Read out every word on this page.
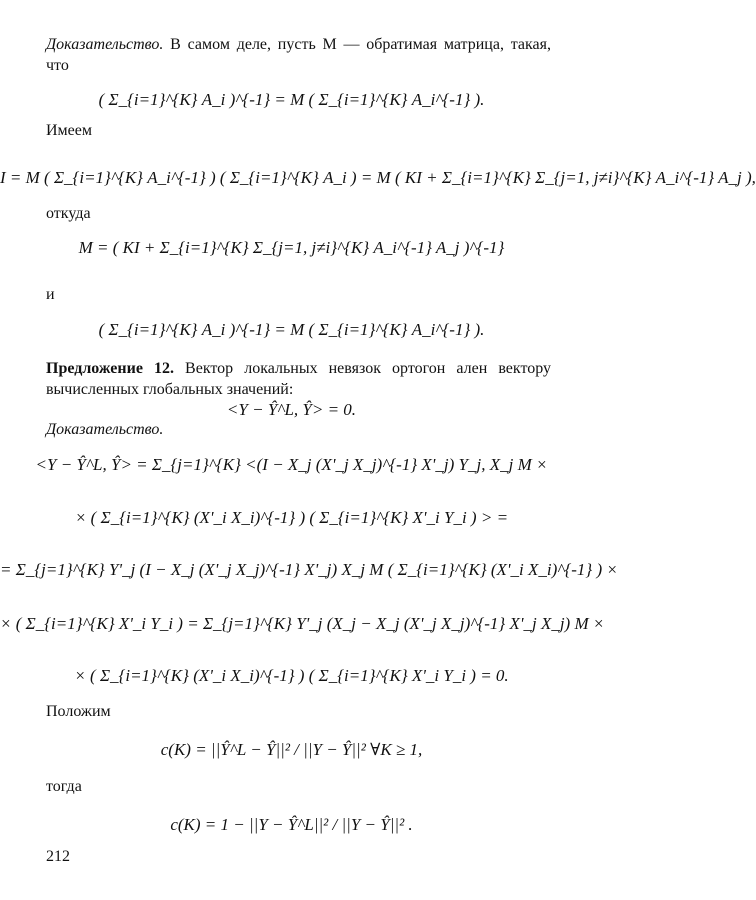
Доказательство. В самом деле, пусть M — обратимая матрица, такая, что
( Σ_{i=1}^{K} A_i )^{-1} = M ( Σ_{i=1}^{K} A_i^{-1} ).
Имеем
I = M ( Σ_{i=1}^{K} A_i^{-1} ) ( Σ_{i=1}^{K} A_i ) = M ( KI + Σ_{i=1}^{K} Σ_{j=1, j≠i}^{K} A_i^{-1} A_j ),
откуда
M = ( KI + Σ_{i=1}^{K} Σ_{j=1, j≠i}^{K} A_i^{-1} A_j )^{-1}
и
( Σ_{i=1}^{K} A_i )^{-1} = M ( Σ_{i=1}^{K} A_i^{-1} ).
Предложение 12. Вектор локальных невязок ортогон ален вектору вычисленных глобальных значений:
<Y − Ŷ^L, Ŷ> = 0.
Доказательство.
<Y − Ŷ^L, Ŷ> = Σ_{j=1}^{K} <(I − X_j (X'_j X_j)^{-1} X'_j) Y_j, X_j M ×
× ( Σ_{i=1}^{K} (X'_i X_i)^{-1} ) ( Σ_{i=1}^{K} X'_i Y_i ) > =
= Σ_{j=1}^{K} Y'_j (I − X_j (X'_j X_j)^{-1} X'_j) X_j M ( Σ_{i=1}^{K} (X'_i X_i)^{-1} ) ×
× ( Σ_{i=1}^{K} X'_i Y_i ) = Σ_{j=1}^{K} Y'_j (X_j − X_j (X'_j X_j)^{-1} X'_j X_j) M ×
× ( Σ_{i=1}^{K} (X'_i X_i)^{-1} ) ( Σ_{i=1}^{K} X'_i Y_i ) = 0.
Положим
c(K) = ||Ŷ^L − Ŷ||² / ||Y − Ŷ||² ∀K ≥ 1,
тогда
c(K) = 1 − ||Y − Ŷ^L||² / ||Y − Ŷ||² .
212
